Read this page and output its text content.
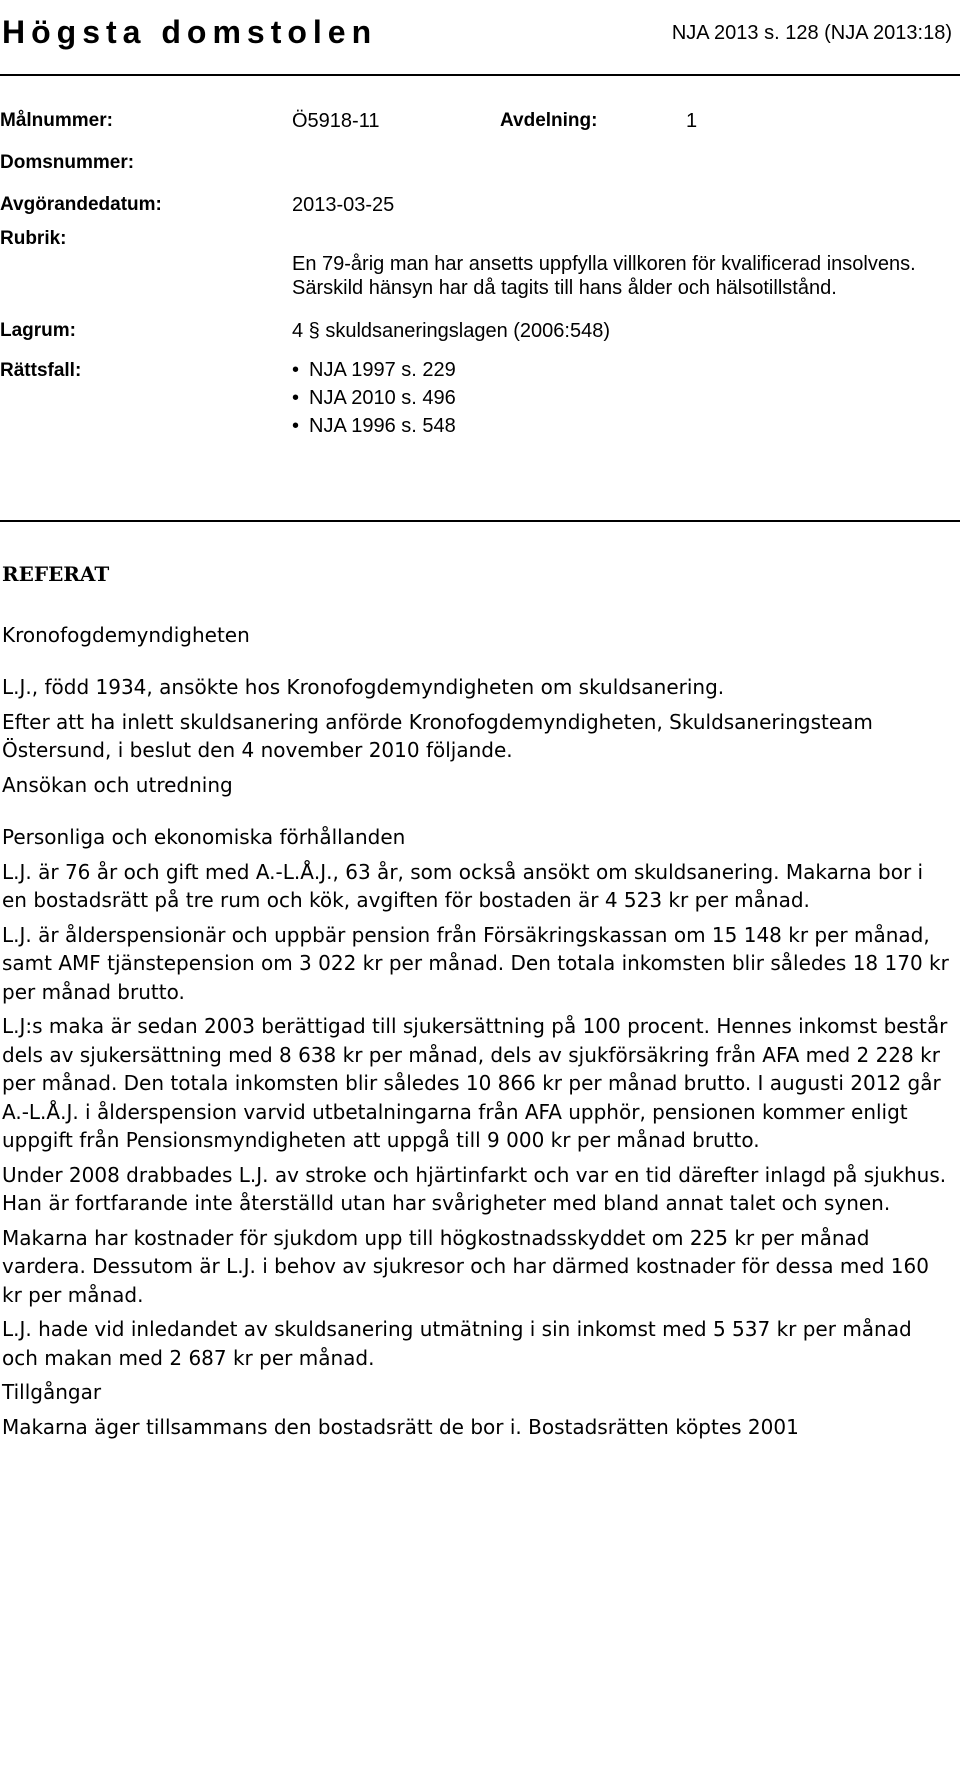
Högsta domstolen	NJA 2013 s. 128 (NJA 2013:18)
Målnummer:	Ö5918-11	Avdelning:	1
Domsnummer:
Avgörandedatum:	2013-03-25
Rubrik:
En 79-årig man har ansetts uppfylla villkoren för kvalificerad insolvens. Särskild hänsyn har då tagits till hans ålder och hälsotillstånd.
Lagrum:	4 § skuldsaneringslagen (2006:548)
Rättsfall:
•	NJA 1997 s. 229
• NJA 2010 s. 496
• NJA 1996 s. 548
REFERAT

Kronofogdemyndigheten

L.J., född 1934, ansökte hos Kronofogdemyndigheten om skuldsanering.

Efter att ha inlett skuldsanering anförde Kronofogdemyndigheten, Skuldsaneringsteam Östersund, i beslut den 4 november 2010 följande.

Ansökan och utredning

Personliga och ekonomiska förhållanden

L.J. är 76 år och gift med A.-L.Å.J., 63 år, som också ansökt om skuldsanering. Makarna bor i en bostadsrätt på tre rum och kök, avgiften för bostaden är 4 523 kr per månad.

L.J. är ålderspensionär och uppbär pension från Försäkringskassan om 15 148 kr per månad, samt AMF tjänstepension om 3 022 kr per månad. Den totala inkomsten blir således 18 170 kr per månad brutto.

L.J:s maka är sedan 2003 berättigad till sjukersättning på 100 procent. Hennes inkomst består dels av sjukersättning med 8 638 kr per månad, dels av sjukförsäkring från AFA med 2 228 kr per månad. Den totala inkomsten blir således 10 866 kr per månad brutto. I augusti 2012 går A.-L.Å.J. i ålderspension varvid utbetalningarna från AFA upphör, pensionen kommer enligt uppgift från Pensionsmyndigheten att uppgå till 9 000 kr per månad brutto.

Under 2008 drabbades L.J. av stroke och hjärtinfarkt och var en tid därefter inlagd på sjukhus. Han är fortfarande inte återställd utan har svårigheter med bland annat talet och synen.

Makarna har kostnader för sjukdom upp till högkostnadsskyddet om 225 kr per månad vardera. Dessutom är L.J. i behov av sjukresor och har därmed kostnader för dessa med 160 kr per månad.

L.J. hade vid inledandet av skuldsanering utmätning i sin inkomst med 5 537 kr per månad och makan med 2 687 kr per månad.

Tillgångar

Makarna äger tillsammans den bostadsrätt de bor i. Bostadsrätten köptes 2001
